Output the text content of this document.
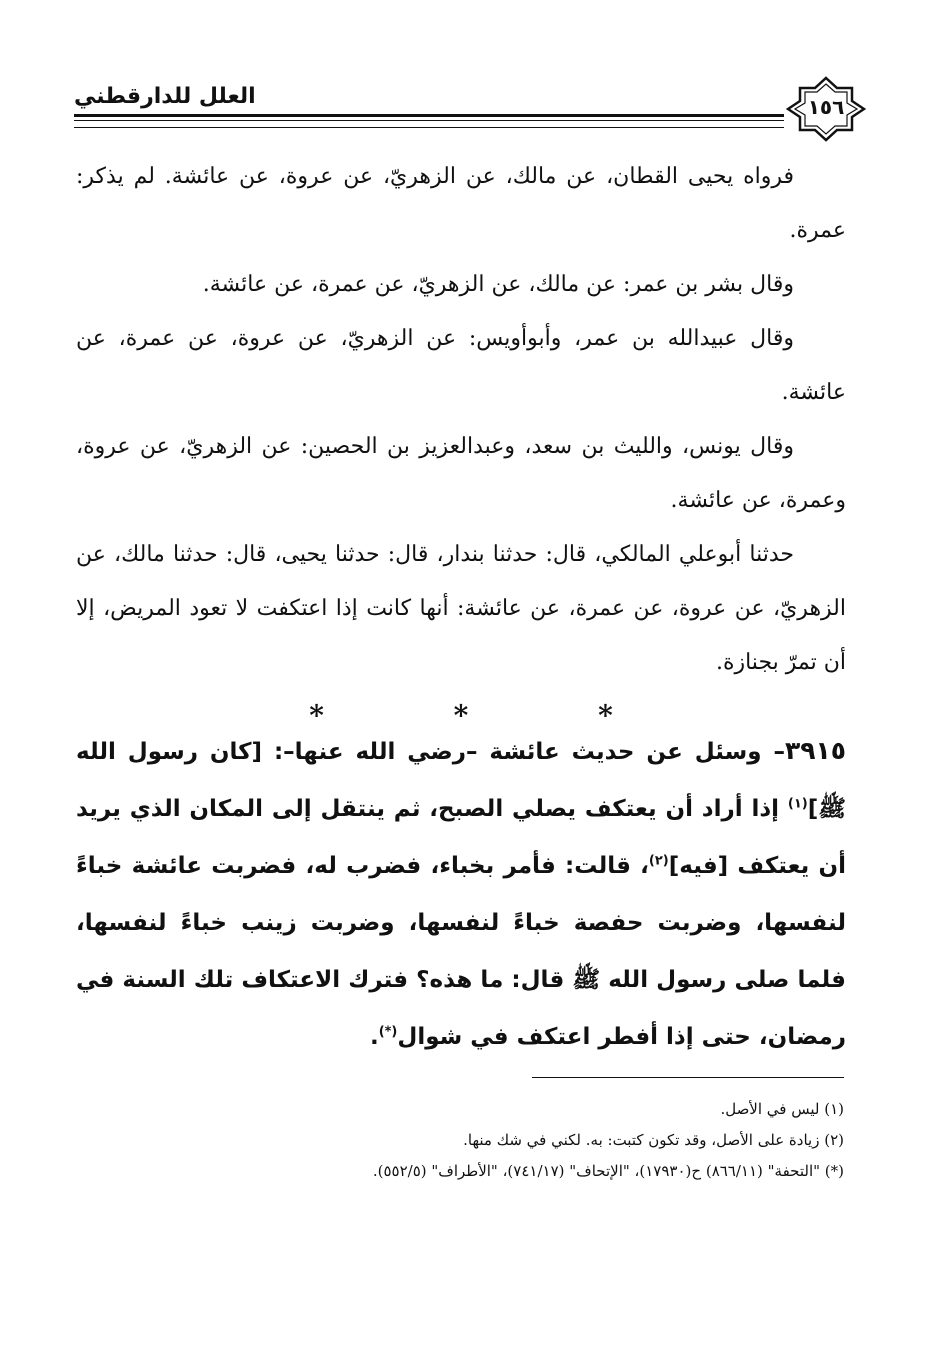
العلل للدارقطني	١٥٦

فرواه يحيى القطان، عن مالك، عن الزهريّ، عن عروة، عن عائشة. لم يذكر: عمرة.

وقال بشر بن عمر: عن مالك، عن الزهريّ، عن عمرة، عن عائشة.

وقال عبيدالله بن عمر، وأبوأويس: عن الزهريّ، عن عروة، عن عمرة، عن عائشة.

وقال يونس، والليث بن سعد، وعبدالعزيز بن الحصين: عن الزهريّ، عن عروة، وعمرة، عن عائشة.

حدثنا أبوعلي المالكي، قال: حدثنا بندار، قال: حدثنا يحيى، قال: حدثنا مالك، عن الزهريّ، عن عروة، عن عمرة، عن عائشة: أنها كانت إذا اعتكفت لا تعود المريض، إلا أن تمرّ بجنازة.

* * *

٣٩١٥– وسئل عن حديث عائشة –رضي الله عنها–: [كان رسول الله ﷺ]$^{(١)}$ إذا أراد أن يعتكف يصلي الصبح، ثم ينتقل إلى المكان الذي يريد أن يعتكف [فيه]$^{(٢)}$، قالت: فأمر بخباء، فضرب له، فضربت عائشة خباءً لنفسها، وضربت حفصة خباءً لنفسها، وضربت زينب خباءً لنفسها، فلما صلى رسول الله ﷺ قال: ما هذه؟ فترك الاعتكاف تلك السنة في رمضان، حتى إذا أفطر اعتكف في شوال(*).

(١) ليس في الأصل.

(٢) زيادة على الأصل، وقد تكون كتبت: به. لكني في شك منها.

(*) "التحفة" (٨٦٦/١١) ح(١٧٩٣٠)، "الإتحاف" (٧٤١/١٧)، "الأطراف" (٥٥٢/٥).
